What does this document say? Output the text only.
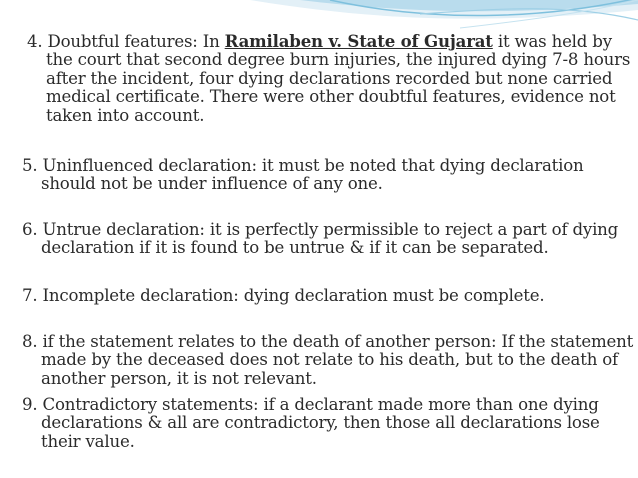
4. Doubtful features: In Ramilaben v. State of Gujarat it was held by the court that second degree burn injuries, the injured dying 7-8 hours after the incident, four dying declarations recorded but none carried medical certificate. There were other doubtful features, evidence not taken into account.

5. Uninfluenced declaration: it must be noted that dying declaration should not be under influence of any one.

6. Untrue declaration: it is perfectly permissible to reject a part of dying declaration if it is found to be untrue & if it can be separated.

7. Incomplete declaration: dying declaration must be complete.

8. if the statement relates to the death of another person: If the statement made by the deceased does not relate to his death, but to the death of another person, it is not relevant.

9. Contradictory statements: if a declarant made more than one dying declarations & all are contradictory, then those all declarations lose their value.
